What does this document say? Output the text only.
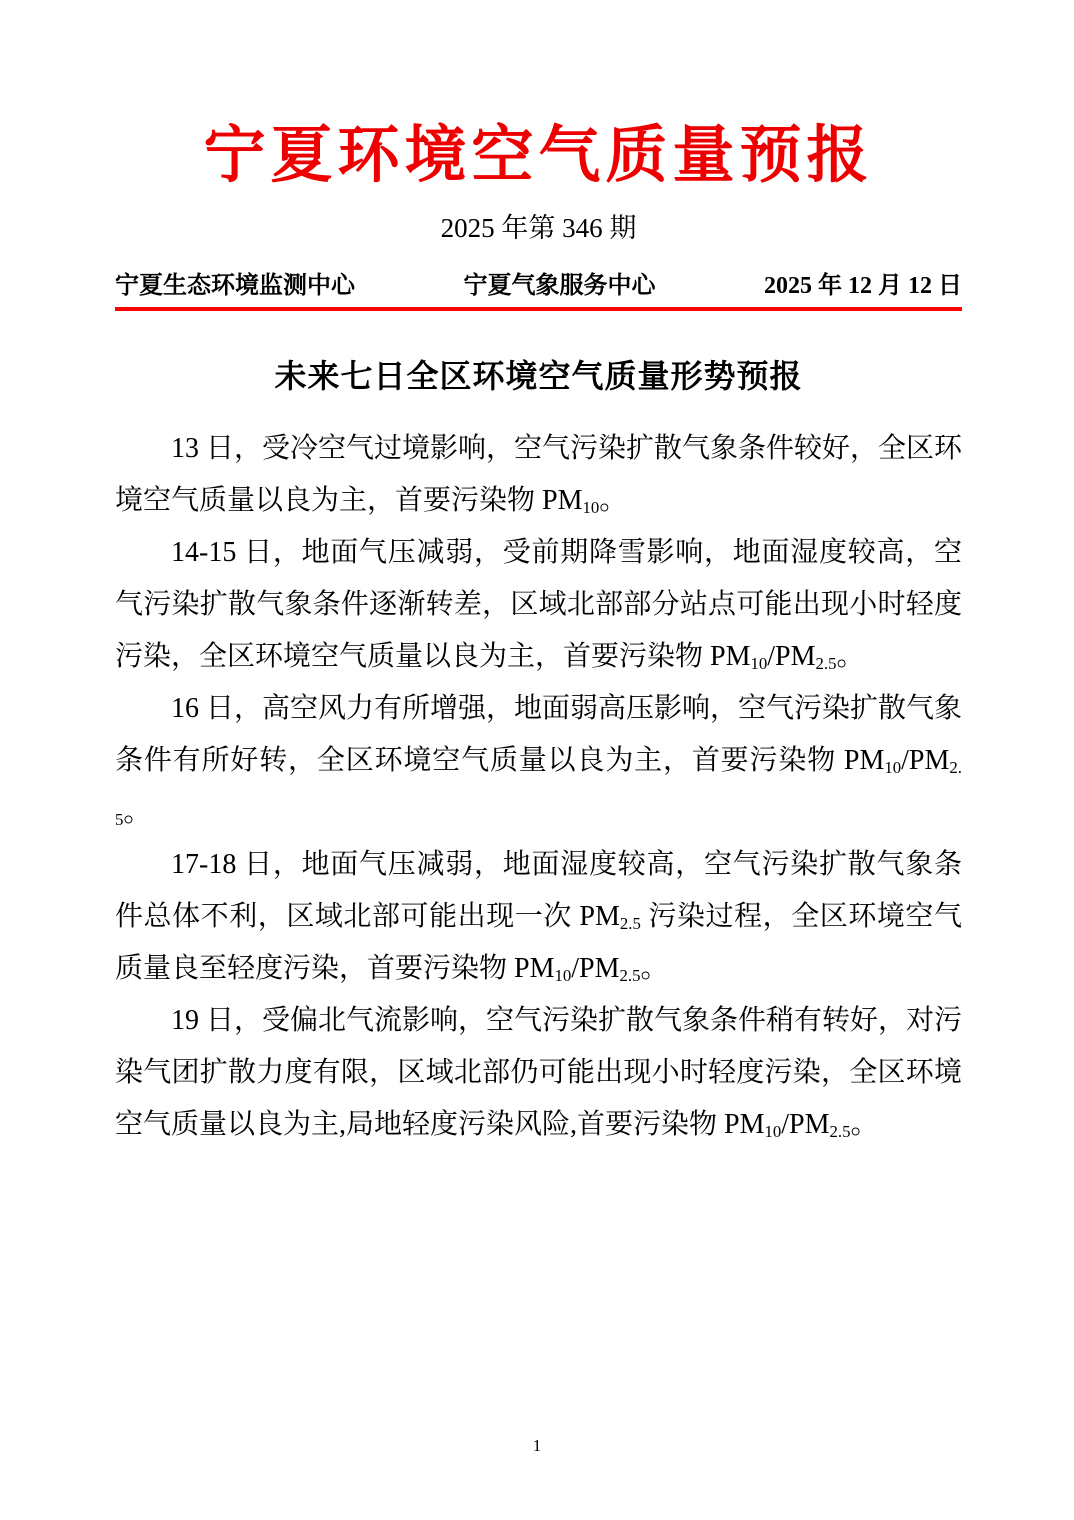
宁夏环境空气质量预报
2025 年第 346 期
宁夏生态环境监测中心	宁夏气象服务中心	2025 年 12 月 12 日
未来七日全区环境空气质量形势预报

13 日，受冷空气过境影响，空气污染扩散气象条件较好，全区环境空气质量以良为主，首要污染物 $PM_{10}$。

14-15 日，地面气压减弱，受前期降雪影响，地面湿度较高，空气污染扩散气象条件逐渐转差，区域北部部分站点可能出现小时轻度污染，全区环境空气质量以良为主，首要污染物 $PM_{10}/PM_{2.5}$。

16 日，高空风力有所增强，地面弱高压影响，空气污染扩散气象条件有所好转，全区环境空气质量以良为主，首要污染物 $PM_{10}/PM_{2.5}$。

17-18 日，地面气压减弱，地面湿度较高，空气污染扩散气象条件总体不利，区域北部可能出现一次 $PM_{2.5}$ 污染过程，全区环境空气质量良至轻度污染，首要污染物 $PM_{10}/PM_{2.5}$。

19 日，受偏北气流影响，空气污染扩散气象条件稍有转好，对污染气团扩散力度有限，区域北部仍可能出现小时轻度污染，全区环境空气质量以良为主,局地轻度污染风险,首要污染物 $PM_{10}/PM_{2.5}$。

1
